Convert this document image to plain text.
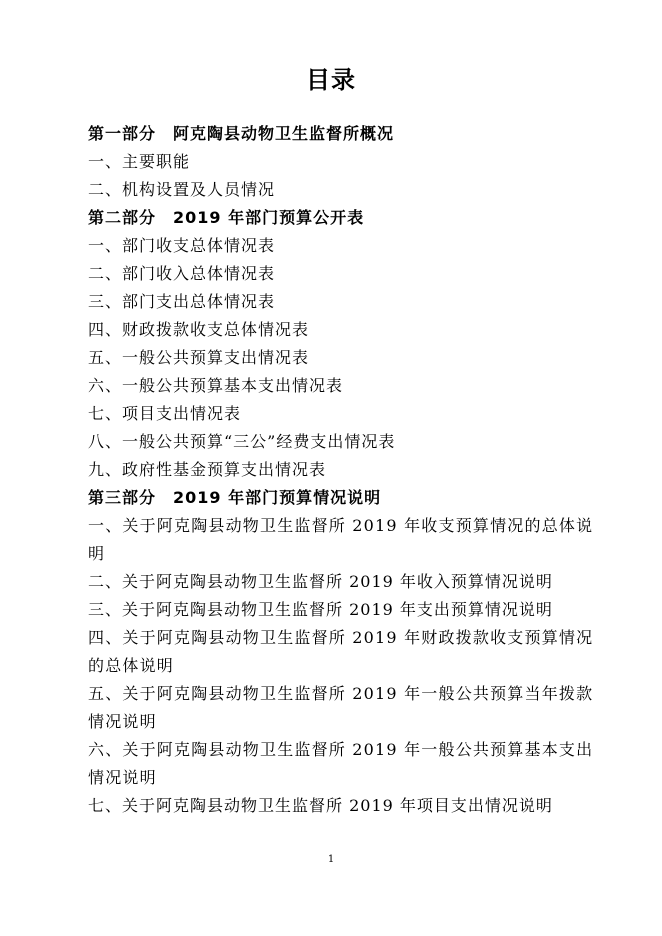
目录
第一部分　阿克陶县动物卫生监督所概况
一、主要职能
二、机构设置及人员情况
第二部分　2019 年部门预算公开表
一、部门收支总体情况表
二、部门收入总体情况表
三、部门支出总体情况表
四、财政拨款收支总体情况表
五、一般公共预算支出情况表
六、一般公共预算基本支出情况表
七、项目支出情况表
八、一般公共预算“三公”经费支出情况表
九、政府性基金预算支出情况表
第三部分　2019 年部门预算情况说明
一、关于阿克陶县动物卫生监督所 2019 年收支预算情况的总体说明
二、关于阿克陶县动物卫生监督所 2019 年收入预算情况说明
三、关于阿克陶县动物卫生监督所 2019 年支出预算情况说明
四、关于阿克陶县动物卫生监督所 2019 年财政拨款收支预算情况的总体说明
五、关于阿克陶县动物卫生监督所 2019 年一般公共预算当年拨款情况说明
六、关于阿克陶县动物卫生监督所 2019 年一般公共预算基本支出情况说明
七、关于阿克陶县动物卫生监督所 2019 年项目支出情况说明
1
